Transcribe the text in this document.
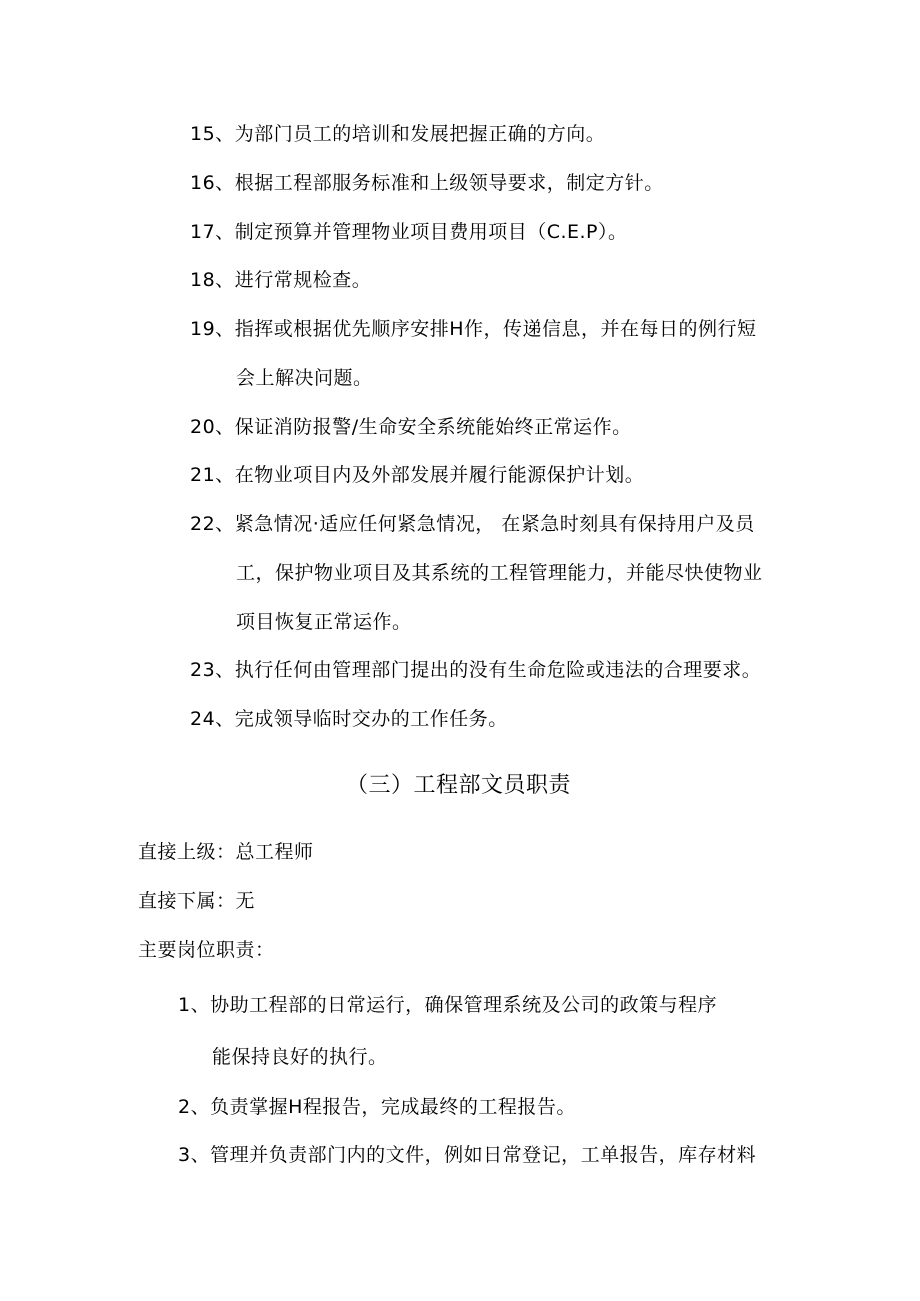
15、为部门员工的培训和发展把握正确的方向。
16、根据工程部服务标准和上级领导要求，制定方针。
17、制定预算并管理物业项目费用项目（C.E.P）。
18、进行常规检查。
19、指挥或根据优先顺序安排H作，传递信息，并在每日的例行短
会上解决问题。
20、保证消防报警/生命安全系统能始终正常运作。
21、在物业项目内及外部发展并履行能源保护计划。
22、紧急情况·适应任何紧急情况， 在紧急时刻具有保持用户及员
工，保护物业项目及其系统的工程管理能力，并能尽快使物业
项目恢复正常运作。
23、执行任何由管理部门提出的没有生命危险或违法的合理要求。
24、完成领导临时交办的工作任务。
（三）工程部文员职责
直接上级：总工程师
直接下属：无
主要岗位职责：
1、协助工程部的日常运行，确保管理系统及公司的政策与程序
能保持良好的执行。
2、负责掌握H程报告，完成最终的工程报告。
3、管理并负责部门内的文件，例如日常登记，工单报告，库存材料
